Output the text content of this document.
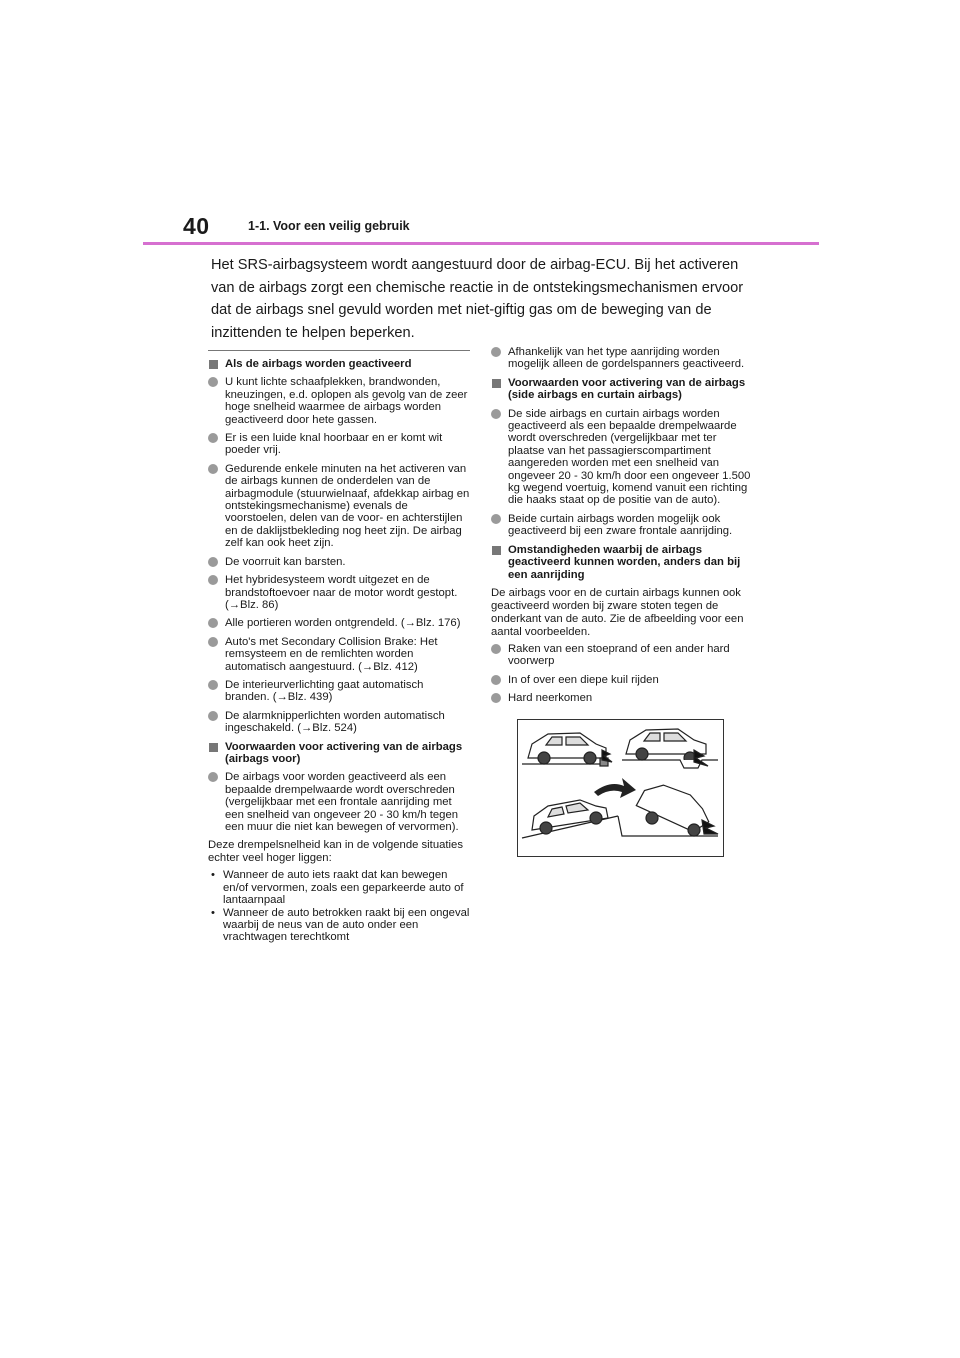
40	1-1. Voor een veilig gebruik

Het SRS-airbagsysteem wordt aangestuurd door de airbag-ECU. Bij het activeren van de airbags zorgt een chemische reactie in de ontstekingsmechanismen ervoor dat de airbags snel gevuld worden met niet-giftig gas om de beweging van de inzittenden te helpen beperken.

Als de airbags worden geactiveerd
U kunt lichte schaafplekken, brandwonden, kneuzingen, e.d. oplopen als gevolg van de zeer hoge snelheid waarmee de airbags worden geactiveerd door hete gassen.
Er is een luide knal hoorbaar en er komt wit poeder vrij.
Gedurende enkele minuten na het activeren van de airbags kunnen de onderdelen van de airbagmodule (stuurwielnaaf, afdekkap airbag en ontstekingsmechanisme) evenals de voorstoelen, delen van de voor- en achterstijlen en de daklijstbekleding nog heet zijn. De airbag zelf kan ook heet zijn.
De voorruit kan barsten.
Het hybridesysteem wordt uitgezet en de brandstoftoevoer naar de motor wordt gestopt. (→Blz. 86)
Alle portieren worden ontgrendeld. (→Blz. 176)
Auto's met Secondary Collision Brake: Het remsysteem en de remlichten worden automatisch aangestuurd. (→Blz. 412)
De interieurverlichting gaat automatisch branden. (→Blz. 439)
De alarmknipperlichten worden automatisch ingeschakeld. (→Blz. 524)
Voorwaarden voor activering van de airbags (airbags voor)
De airbags voor worden geactiveerd als een bepaalde drempelwaarde wordt overschreden (vergelijkbaar met een frontale aanrijding met een snelheid van ongeveer 20 - 30 km/h tegen een muur die niet kan bewegen of vervormen).
Deze drempelsnelheid kan in de volgende situaties echter veel hoger liggen:
• Wanneer de auto iets raakt dat kan bewegen en/of vervormen, zoals een geparkeerde auto of lantaarnpaal
• Wanneer de auto betrokken raakt bij een ongeval waarbij de neus van de auto onder een vrachtwagen terechtkomt
Afhankelijk van het type aanrijding worden mogelijk alleen de gordelspanners geactiveerd.
Voorwaarden voor activering van de airbags (side airbags en curtain airbags)
De side airbags en curtain airbags worden geactiveerd als een bepaalde drempelwaarde wordt overschreden (vergelijkbaar met ter plaatse van het passagierscompartiment aangereden worden met een snelheid van ongeveer 20 - 30 km/h door een ongeveer 1.500 kg wegend voertuig, komend vanuit een richting die haaks staat op de positie van de auto).
Beide curtain airbags worden mogelijk ook geactiveerd bij een zware frontale aanrijding.
Omstandigheden waarbij de airbags geactiveerd kunnen worden, anders dan bij een aanrijding
De airbags voor en de curtain airbags kunnen ook geactiveerd worden bij zware stoten tegen de onderkant van de auto. Zie de afbeelding voor een aantal voorbeelden.
Raken van een stoeprand of een ander hard voorwerp
In of over een diepe kuil rijden
Hard neerkomen
